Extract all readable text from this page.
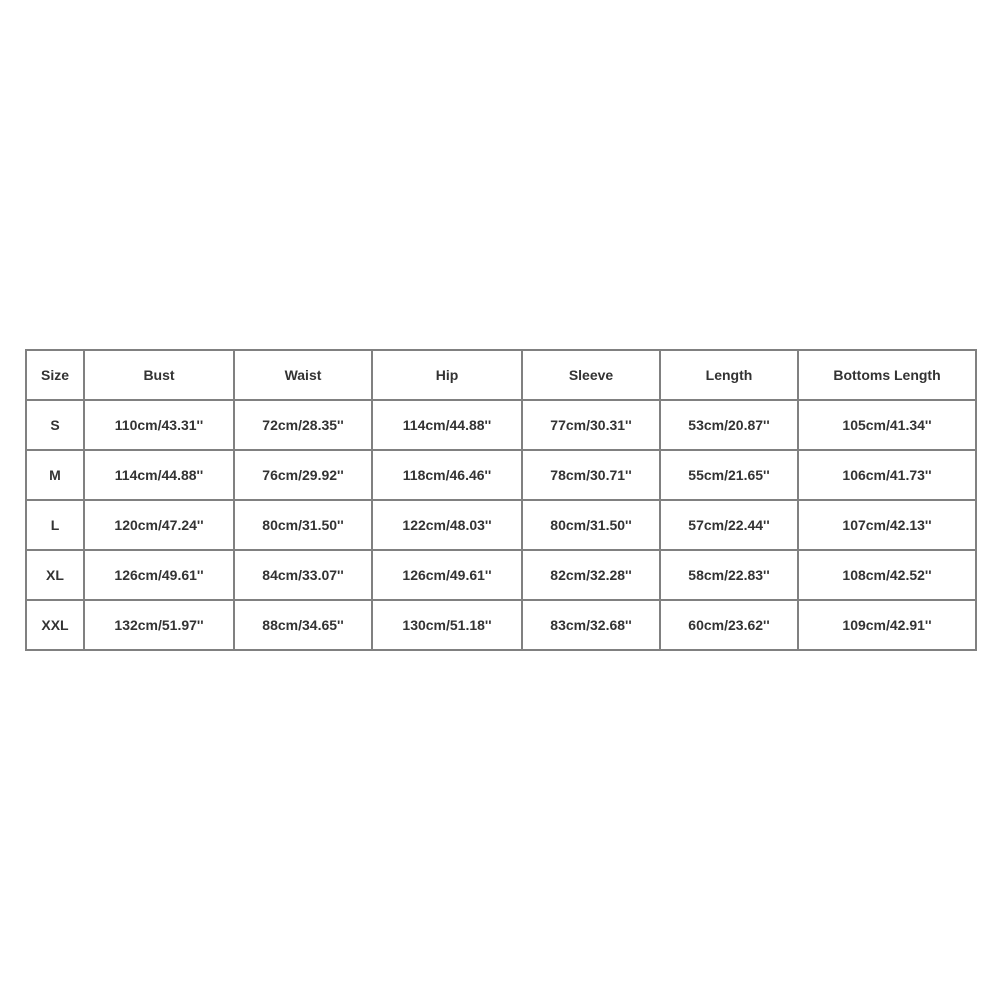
Size	Bust	Waist	Hip	Sleeve	Length	Bottoms Length
S	110cm/43.31''	72cm/28.35''	114cm/44.88''	77cm/30.31''	53cm/20.87''	105cm/41.34''
M	114cm/44.88''	76cm/29.92''	118cm/46.46''	78cm/30.71''	55cm/21.65''	106cm/41.73''
L	120cm/47.24''	80cm/31.50''	122cm/48.03''	80cm/31.50''	57cm/22.44''	107cm/42.13''
XL	126cm/49.61''	84cm/33.07''	126cm/49.61''	82cm/32.28''	58cm/22.83''	108cm/42.52''
XXL	132cm/51.97''	88cm/34.65''	130cm/51.18''	83cm/32.68''	60cm/23.62''	109cm/42.91''
